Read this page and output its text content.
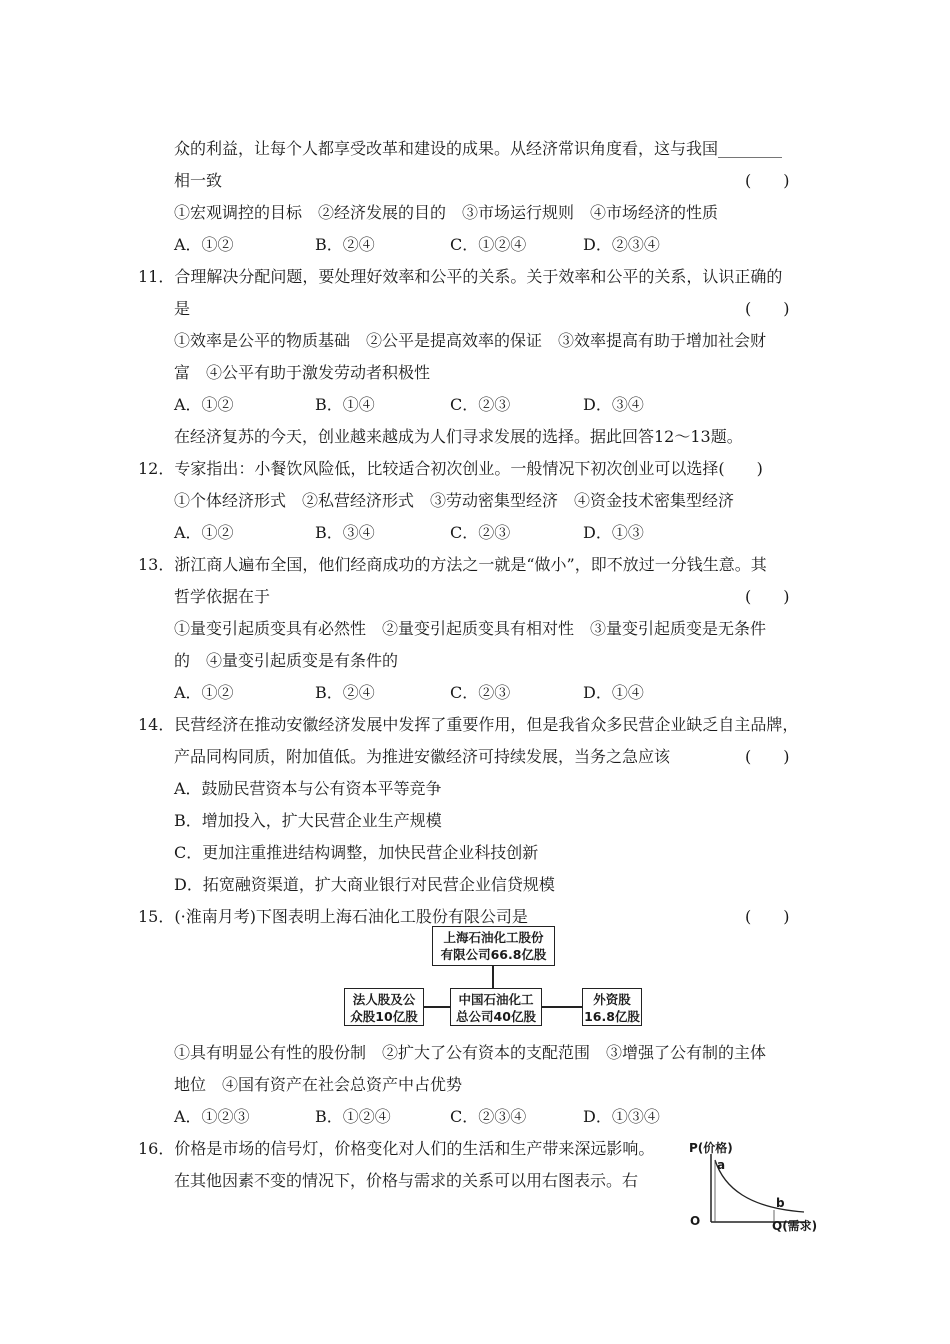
众的利益，让每个人都享受改革和建设的成果。从经济常识角度看，这与我国________
相一致	(　　)
①宏观调控的目标　②经济发展的目的　③市场运行规则　④市场经济的性质
A．①②	B．②④	C．①②④	D．②③④
11．合理解决分配问题，要处理好效率和公平的关系。关于效率和公平的关系，认识正确的
是	(　　)
①效率是公平的物质基础　②公平是提高效率的保证　③效率提高有助于增加社会财
富　④公平有助于激发劳动者积极性
A．①②	B．①④	C．②③	D．③④
在经济复苏的今天，创业越来越成为人们寻求发展的选择。据此回答12～13题。
12．专家指出：小餐饮风险低，比较适合初次创业。一般情况下初次创业可以选择(　　)
①个体经济形式　②私营经济形式　③劳动密集型经济　④资金技术密集型经济
A．①②	B．③④	C．②③	D．①③
13．浙江商人遍布全国，他们经商成功的方法之一就是“做小”，即不放过一分钱生意。其
哲学依据在于	(　　)
①量变引起质变具有必然性　②量变引起质变具有相对性　③量变引起质变是无条件
的　④量变引起质变是有条件的
A．①②	B．②④	C．②③	D．①④
14．民营经济在推动安徽经济发展中发挥了重要作用，但是我省众多民营企业缺乏自主品牌，
产品同构同质，附加值低。为推进安徽经济可持续发展，当务之急应该	(　　)
A．鼓励民营资本与公有资本平等竞争
B．增加投入，扩大民营企业生产规模
C．更加注重推进结构调整，加快民营企业科技创新
D．拓宽融资渠道，扩大商业银行对民营企业信贷规模
15．(·淮南月考)下图表明上海石油化工股份有限公司是	(　　)
上海石油化工股份
有限公司66.8亿股
法人股及公
众股10亿股
中国石油化工
总公司40亿股
外资股
16.8亿股
①具有明显公有性的股份制　②扩大了公有资本的支配范围　③增强了公有制的主体
地位　④国有资产在社会总资产中占优势
A．①②③	B．①②④	C．②③④	D．①③④
16．价格是市场的信号灯，价格变化对人们的生活和生产带来深远影响。
在其他因素不变的情况下，价格与需求的关系可以用右图表示。右
P(价格)
a
b
O	Q(需求)
